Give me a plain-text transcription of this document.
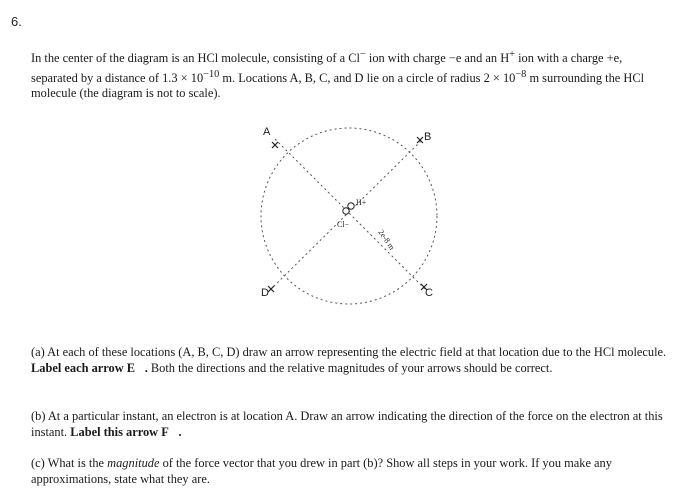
6.

In the center of the diagram is an HCl molecule, consisting of a Cl− ion with charge −e and an H+ ion with a charge +e, separated by a distance of $1.3 \times 10^{-10}$ m. Locations A, B, C, and D lie on a circle of radius $2 \times 10^{-8}$ m surrounding the HCl molecule (the diagram is not to scale).

A	B
C
D
H+
Cl−
2e-8 m

(a) At each of these locations (A, B, C, D) draw an arrow representing the electric field at that location due to the HCl molecule. Label each arrow E⃗. Both the directions and the relative magnitudes of your arrows should be correct.

(b) At a particular instant, an electron is at location A. Draw an arrow indicating the direction of the force on the electron at this instant. Label this arrow F⃗.

(c) What is the magnitude of the force vector that you drew in part (b)? Show all steps in your work. If you make any approximations, state what they are.
